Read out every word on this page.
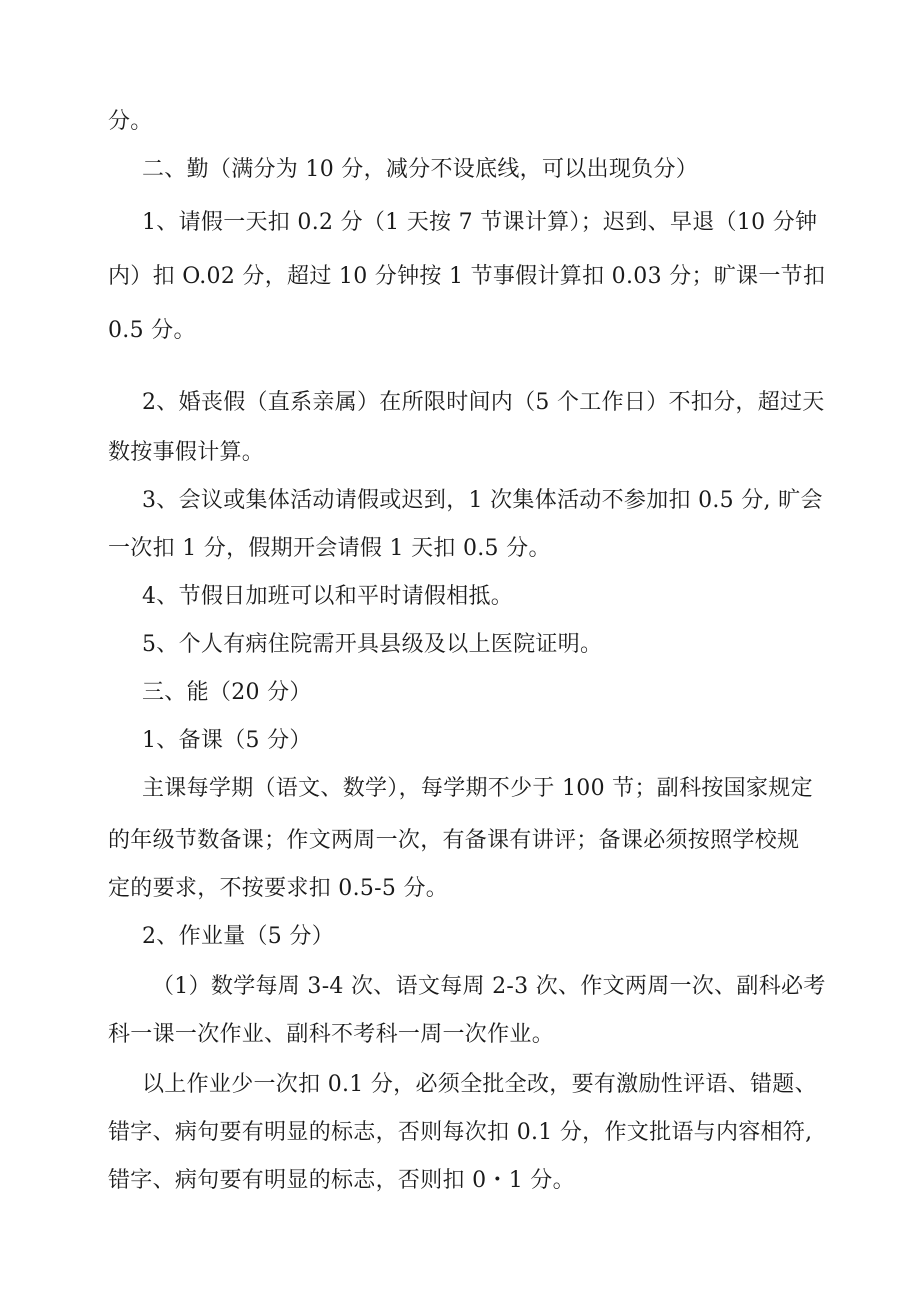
分。
二、勤（满分为 10 分，减分不设底线，可以出现负分）
1、请假一天扣 0.2 分（1 天按 7 节课计算）；迟到、早退（10 分钟
内）扣 O.02 分，超过 10 分钟按 1 节事假计算扣 0.03 分；旷课一节扣
0.5 分。
2、婚丧假（直系亲属）在所限时间内（5 个工作日）不扣分，超过天
数按事假计算。
3、会议或集体活动请假或迟到，1 次集体活动不参加扣 0.5 分, 旷会
一次扣 1 分，假期开会请假 1 天扣 0.5 分。
4、节假日加班可以和平时请假相抵。
5、个人有病住院需开具县级及以上医院证明。
三、能（20 分）
1、备课（5 分）
主课每学期（语文、数学），每学期不少于 100 节；副科按国家规定
的年级节数备课；作文两周一次，有备课有讲评；备课必须按照学校规
定的要求，不按要求扣 0.5-5 分。
2、作业量（5 分）
（1）数学每周 3-4 次、语文每周 2-3 次、作文两周一次、副科必考
科一课一次作业、副科不考科一周一次作业。
以上作业少一次扣 0.1 分，必须全批全改，要有激励性评语、错题、
错字、病句要有明显的标志，否则每次扣 0.1 分，作文批语与内容相符,
错字、病句要有明显的标志，否则扣 0・1 分。
